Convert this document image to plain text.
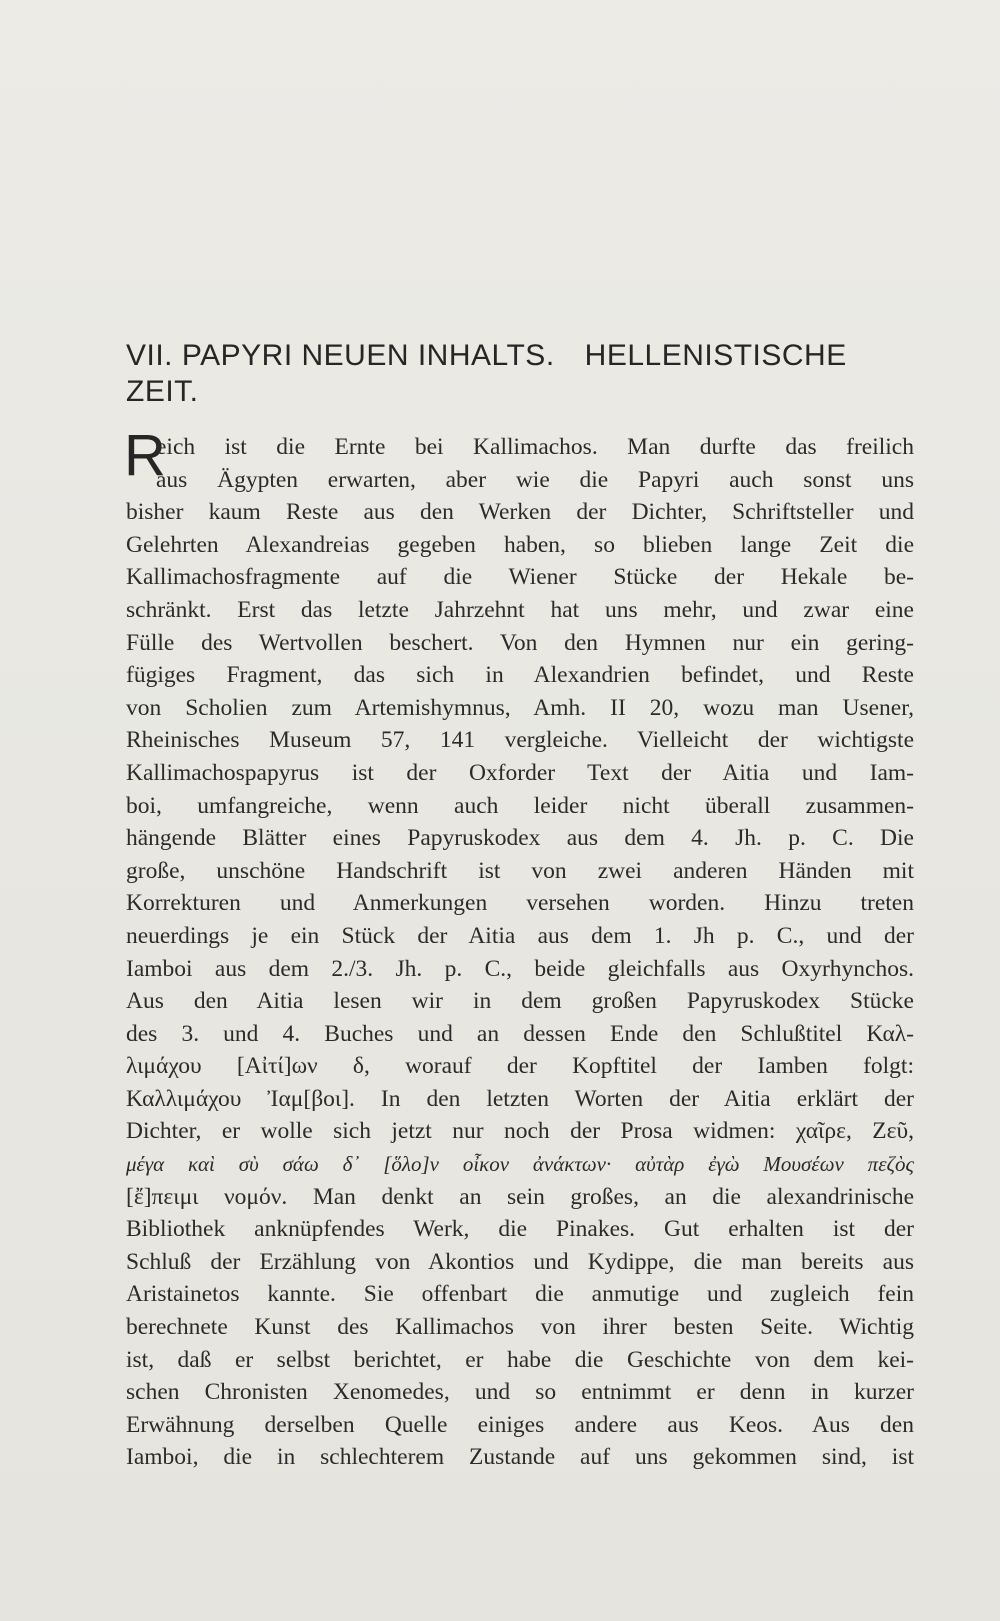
VII. PAPYRI NEUEN INHALTS. HELLENISTISCHE
ZEIT.
R
eich ist die Ernte bei Kallimachos. Man durfte das freilich
aus Ägypten erwarten, aber wie die Papyri auch sonst uns
bisher kaum Reste aus den Werken der Dichter, Schriftsteller und
Gelehrten Alexandreias gegeben haben, so blieben lange Zeit die
Kallimachosfragmente auf die Wiener Stücke der Hekale be-
schränkt. Erst das letzte Jahrzehnt hat uns mehr, und zwar eine
Fülle des Wertvollen beschert. Von den Hymnen nur ein gering-
fügiges Fragment, das sich in Alexandrien befindet, und Reste
von Scholien zum Artemishymnus, Amh. II 20, wozu man Usener,
Rheinisches Museum 57, 141 vergleiche. Vielleicht der wichtigste
Kallimachospapyrus ist der Oxforder Text der Aitia und Iam-
boi, umfangreiche, wenn auch leider nicht überall zusammen-
hängende Blätter eines Papyruskodex aus dem 4. Jh. p. C. Die
große, unschöne Handschrift ist von zwei anderen Händen mit
Korrekturen und Anmerkungen versehen worden. Hinzu treten
neuerdings je ein Stück der Aitia aus dem 1. Jh p. C., und der
Iamboi aus dem 2./3. Jh. p. C., beide gleichfalls aus Oxyrhynchos.
Aus den Aitia lesen wir in dem großen Papyruskodex Stücke
des 3. und 4. Buches und an dessen Ende den Schlußtitel Καλ-
λιμάχου [Αἰτί]ων δ, worauf der Kopftitel der Iamben folgt:
Καλλιμάχου Ἰαμ[βοι]. In den letzten Worten der Aitia erklärt der
Dichter, er wolle sich jetzt nur noch der Prosa widmen: χαῖρε, Ζεῦ,
μέγα καὶ σὺ σάω δ᾽ [ὅλο]ν οἶκον ἀνάκτων· αὐτὰρ ἐγὼ Μουσέων πεζὸς
[ἔ]πειμι νομόν. Man denkt an sein großes, an die alexandrinische
Bibliothek anknüpfendes Werk, die Pinakes. Gut erhalten ist der
Schluß der Erzählung von Akontios und Kydippe, die man bereits aus
Aristainetos kannte. Sie offenbart die anmutige und zugleich fein
berechnete Kunst des Kallimachos von ihrer besten Seite. Wichtig
ist, daß er selbst berichtet, er habe die Geschichte von dem kei-
schen Chronisten Xenomedes, und so entnimmt er denn in kurzer
Erwähnung derselben Quelle einiges andere aus Keos. Aus den
Iamboi, die in schlechterem Zustande auf uns gekommen sind, ist
